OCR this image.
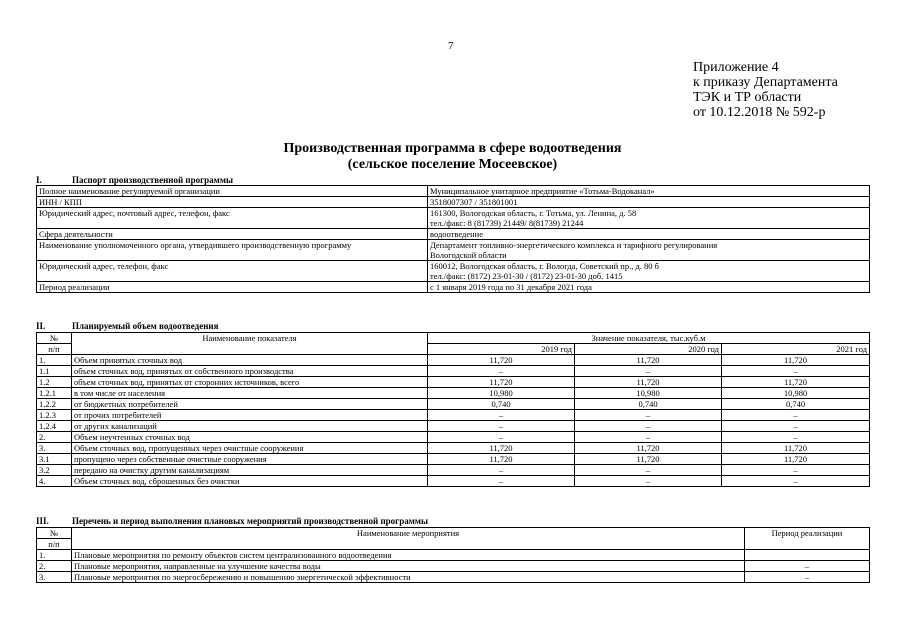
7
Приложение 4
к приказу Департамента
ТЭК и ТР области
от 10.12.2018 № 592-р
Производственная программа в сфере водоотведения
(сельское поселение Мосеевское)
I.	Паспорт производственной программы
Полное наименование регулируемой организации	Муниципальное унитарное предприятие «Тотьма-Водоканал»

ИНН / КПП	3518007307 / 351801001

Юридический адрес, почтовый адрес, телефон, факс	161300, Вологодская область, г. Тотьма, ул. Ленина, д. 58
тел./факс: 8 (81739) 21449/ 8(81739) 21244

Сфера деятельности	водоотведение

Наименование уполномоченного органа, утвердившего производственную программу	Департамент топливно-энергетического комплекса и тарифного регулирования
Вологодской области

Юридический адрес, телефон, факс	160012, Вологодская область, г. Вологда, Советский пр., д. 80 б
тел./факс: (8172) 23-01-30 / (8172) 23-01-30 доб. 1415

Период реализации	с 1 января 2019 года по 31 декабря 2021 года
II.	Планируемый объем водоотведения
№	Наименование показателя	Значение показателя, тыс.куб.м		
п/п		2019 год	2020 год	2021 год
1.	Объем принятых сточных вод	11,720	11,720	11,720
1.1	объем сточных вод, принятых от собственного производства	–	–	–
1.2	объем сточных вод, принятых от сторонних источников, всего	11,720	11,720	11,720
1.2.1	в том числе от населения	10,980	10,980	10,980
1.2.2	от бюджетных потребителей	0,740	0,740	0,740
1.2.3	от прочих потребителей	–	–	–
1.2.4	от других канализаций	–	–	–
2.	Объем неучтенных сточных вод	–	–	–
3.	Объем сточных вод, пропущенных через очистные сооружения	11,720	11,720	11,720
3.1	пропущено через собственные очистные сооружения	11,720	11,720	11,720
3.2	передано на очистку другим канализациям	–	–	–
4.	Объем сточных вод, сброшенных без очистки	–	–	–
III.	Перечень и период выполнения плановых мероприятий производственной программы
№	Наименование мероприятия	Период реализации
п/п		
1.	Плановые мероприятия по ремонту объектов систем централизованного водоотведения	
2.	Плановые мероприятия, направленные на улучшение качества воды	–
3.	Плановые мероприятия по энергосбережению и повышению энергетической эффективности	–
